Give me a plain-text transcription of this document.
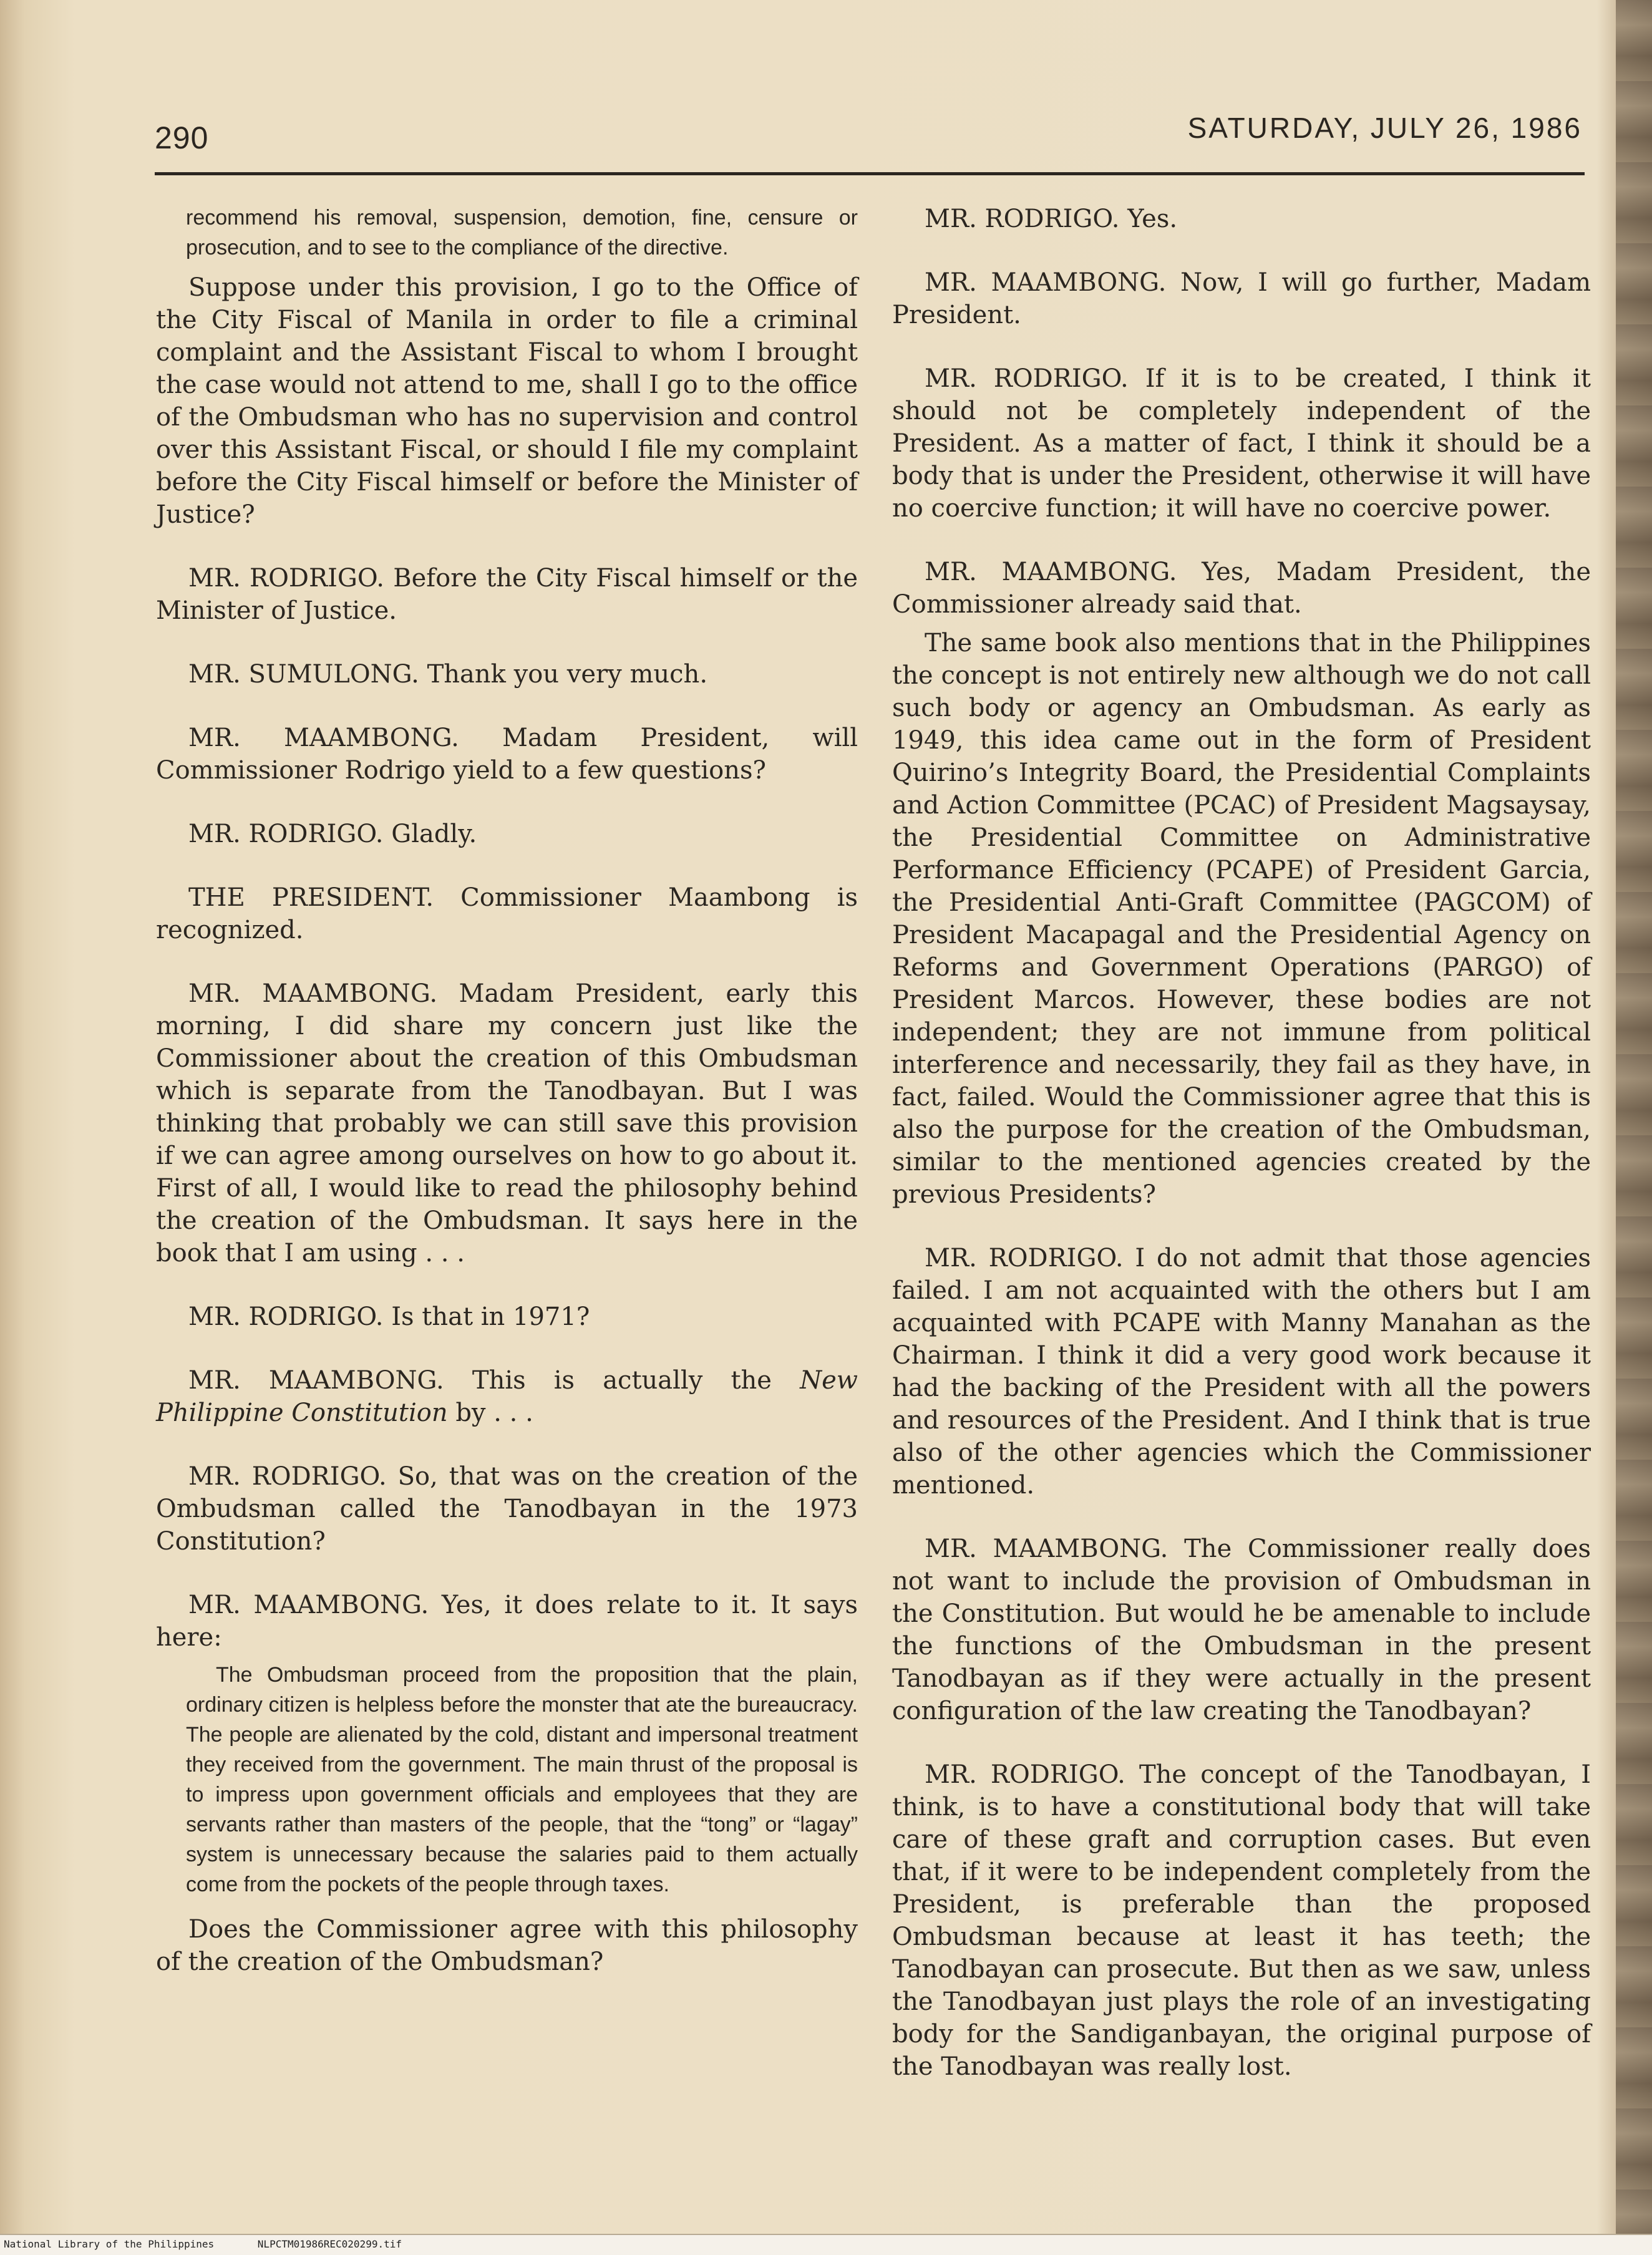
290	SATURDAY, JULY 26, 1986
recommend his removal, suspension, demotion, fine, censure or prosecution, and to see to the compliance of the directive.

Suppose under this provision, I go to the Office of the City Fiscal of Manila in order to file a criminal complaint and the Assistant Fiscal to whom I brought the case would not attend to me, shall I go to the office of the Ombudsman who has no supervision and control over this Assistant Fiscal, or should I file my complaint before the City Fiscal himself or before the Minister of Justice?

MR. RODRIGO. Before the City Fiscal himself or the Minister of Justice.

MR. SUMULONG. Thank you very much.

MR. MAAMBONG. Madam President, will Commissioner Rodrigo yield to a few questions?

MR. RODRIGO. Gladly.

THE PRESIDENT. Commissioner Maambong is recognized.

MR. MAAMBONG. Madam President, early this morning, I did share my concern just like the Commissioner about the creation of this Ombudsman which is separate from the Tanodbayan. But I was thinking that probably we can still save this provision if we can agree among ourselves on how to go about it. First of all, I would like to read the philosophy behind the creation of the Ombudsman. It says here in the book that I am using . . .

MR. RODRIGO. Is that in 1971?

MR. MAAMBONG. This is actually the New Philippine Constitution by . . .

MR. RODRIGO. So, that was on the creation of the Ombudsman called the Tanodbayan in the 1973 Constitution?

MR. MAAMBONG. Yes, it does relate to it. It says here:

The Ombudsman proceed from the proposition that the plain, ordinary citizen is helpless before the monster that ate the bureaucracy. The people are alienated by the cold, distant and impersonal treatment they received from the government. The main thrust of the proposal is to impress upon government officials and employees that they are servants rather than masters of the people, that the “tong” or “lagay” system is unnecessary because the salaries paid to them actually come from the pockets of the people through taxes.

Does the Commissioner agree with this philosophy of the creation of the Ombudsman?

MR. RODRIGO. Yes.

MR. MAAMBONG. Now, I will go further, Madam President.

MR. RODRIGO. If it is to be created, I think it should not be completely independent of the President. As a matter of fact, I think it should be a body that is under the President, otherwise it will have no coercive function; it will have no coercive power.

MR. MAAMBONG. Yes, Madam President, the Commissioner already said that.

The same book also mentions that in the Philippines the concept is not entirely new although we do not call such body or agency an Ombudsman. As early as 1949, this idea came out in the form of President Quirino’s Integrity Board, the Presidential Complaints and Action Committee (PCAC) of President Magsaysay, the Presidential Committee on Administrative Performance Efficiency (PCAPE) of President Garcia, the Presidential Anti-Graft Committee (PAGCOM) of President Macapagal and the Presidential Agency on Reforms and Government Operations (PARGO) of President Marcos. However, these bodies are not independent; they are not immune from political interference and necessarily, they fail as they have, in fact, failed. Would the Commissioner agree that this is also the purpose for the creation of the Ombudsman, similar to the mentioned agencies created by the previous Presidents?

MR. RODRIGO. I do not admit that those agencies failed. I am not acquainted with the others but I am acquainted with PCAPE with Manny Manahan as the Chairman. I think it did a very good work because it had the backing of the President with all the powers and resources of the President. And I think that is true also of the other agencies which the Commissioner mentioned.

MR. MAAMBONG. The Commissioner really does not want to include the provision of Ombudsman in the Constitution. But would he be amenable to include the functions of the Ombudsman in the present Tanodbayan as if they were actually in the present configuration of the law creating the Tanodbayan?

MR. RODRIGO. The concept of the Tanodbayan, I think, is to have a constitutional body that will take care of these graft and corruption cases. But even that, if it were to be independent completely from the President, is preferable than the proposed Ombudsman because at least it has teeth; the Tanodbayan can prosecute. But then as we saw, unless the Tanodbayan just plays the role of an investigating body for the Sandiganbayan, the original purpose of the Tanodbayan was really lost.

National Library of the Philippines	NLPCTM01986REC020299.tif
